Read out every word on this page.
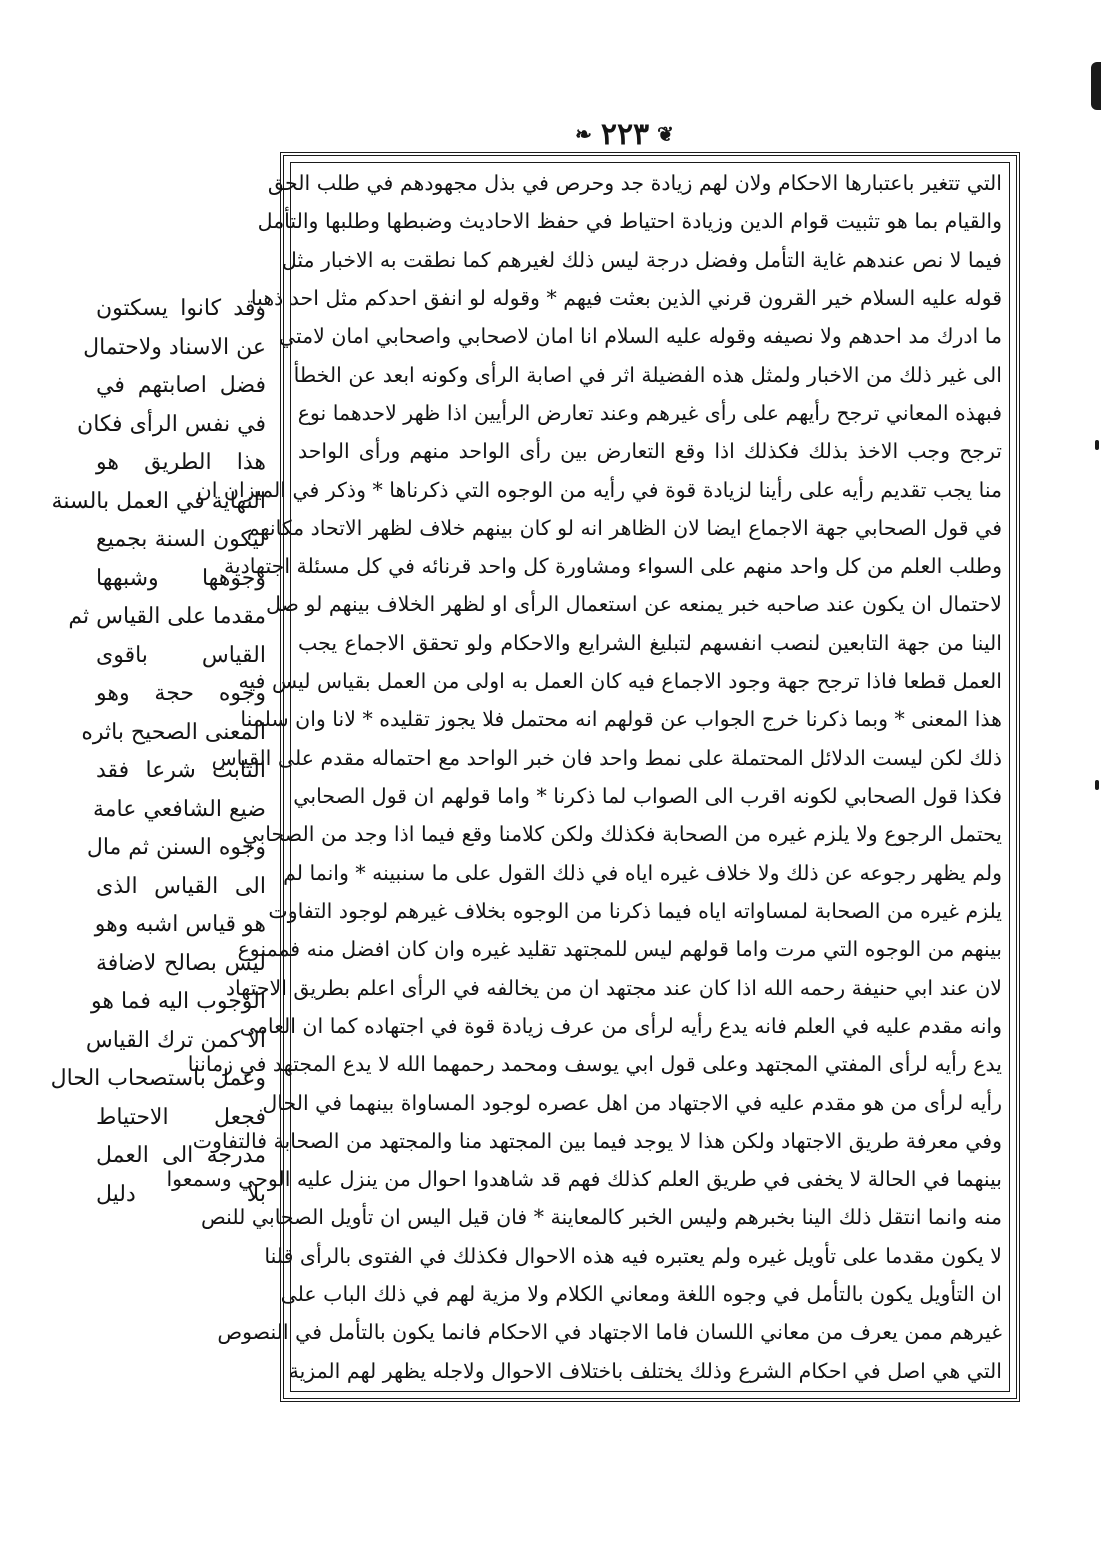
❦
٢٢٣
❧
التي تتغير باعتبارها الاحكام ولان لهم زيادة جد وحرص في بذل مجهودهم في طلب الحق
والقيام بما هو تثبيت قوام الدين وزيادة احتياط في حفظ الاحاديث وضبطها وطلبها والتأمل
فيما لا نص عندهم غاية التأمل وفضل درجة ليس ذلك لغيرهم كما نطقت به الاخبار مثل
قوله عليه السلام خير القرون قرني الذين بعثت فيهم * وقوله لو انفق احدكم مثل احد ذهبا
ما ادرك مد احدهم ولا نصيفه وقوله عليه السلام انا امان لاصحابي واصحابي امان لامتي
الى غير ذلك من الاخبار ولمثل هذه الفضيلة اثر في اصابة الرأى وكونه ابعد عن الخطأ
فبهذه المعاني ترجح رأيهم على رأى غيرهم وعند تعارض الرأيين اذا ظهر لاحدهما نوع
ترجح وجب الاخذ بذلك فكذلك اذا وقع التعارض بين رأى الواحد منهم ورأى الواحد
منا يجب تقديم رأيه على رأينا لزيادة قوة في رأيه من الوجوه التي ذكرناها * وذكر في الميزان ان
في قول الصحابي جهة الاجماع ايضا لان الظاهر انه لو كان بينهم خلاف لظهر الاتحاد مكانهم
وطلب العلم من كل واحد منهم على السواء ومشاورة كل واحد قرنائه في كل مسئلة اجتهادية
لاحتمال ان يكون عند صاحبه خبر يمنعه عن استعمال الرأى او لظهر الخلاف بينهم لو صل
الينا من جهة التابعين لنصب انفسهم لتبليغ الشرايع والاحكام ولو تحقق الاجماع يجب
العمل قطعا فاذا ترجح جهة وجود الاجماع فيه كان العمل به اولى من العمل بقياس ليس فيه
هذا المعنى * وبما ذكرنا خرج الجواب عن قولهم انه محتمل فلا يجوز تقليده * لانا وان سلمنا
ذلك لكن ليست الدلائل المحتملة على نمط واحد فان خبر الواحد مع احتماله مقدم على القياس
فكذا قول الصحابي لكونه اقرب الى الصواب لما ذكرنا * واما قولهم ان قول الصحابي
يحتمل الرجوع ولا يلزم غيره من الصحابة فكذلك ولكن كلامنا وقع فيما اذا وجد من الصحابي
ولم يظهر رجوعه عن ذلك ولا خلاف غيره اياه في ذلك القول على ما سنبينه * وانما لم
يلزم غيره من الصحابة لمساواته اياه فيما ذكرنا من الوجوه بخلاف غيرهم لوجود التفاوت
بينهم من الوجوه التي مرت واما قولهم ليس للمجتهد تقليد غيره وان كان افضل منه فممنوع
لان عند ابي حنيفة رحمه الله اذا كان عند مجتهد ان من يخالفه في الرأى اعلم بطريق الاجتهاد
وانه مقدم عليه في العلم فانه يدع رأيه لرأى من عرف زيادة قوة في اجتهاده كما ان العامى
يدع رأيه لرأى المفتي المجتهد وعلى قول ابي يوسف ومحمد رحمهما الله لا يدع المجتهد في زماننا
رأيه لرأى من هو مقدم عليه في الاجتهاد من اهل عصره لوجود المساواة بينهما في الحال
وفي معرفة طريق الاجتهاد ولكن هذا لا يوجد فيما بين المجتهد منا والمجتهد من الصحابة فالتفاوت
بينهما في الحالة لا يخفى في طريق العلم كذلك فهم قد شاهدوا احوال من ينزل عليه الوحي وسمعوا
منه وانما انتقل ذلك الينا بخبرهم وليس الخبر كالمعاينة * فان قيل اليس ان تأويل الصحابي للنص
لا يكون مقدما على تأويل غيره ولم يعتبره فيه هذه الاحوال فكذلك في الفتوى بالرأى قلنا
ان التأويل يكون بالتأمل في وجوه اللغة ومعاني الكلام ولا مزية لهم في ذلك الباب على
غيرهم ممن يعرف من معاني اللسان فاما الاجتهاد في الاحكام فانما يكون بالتأمل في النصوص
التي هي اصل في احكام الشرع وذلك يختلف باختلاف الاحوال ولاجله يظهر لهم المزية
وقد كانوا يسكتون
عن الاسناد ولاحتمال
فضل اصابتهم في
في نفس الرأى فكان
هذا الطريق هو
النهاية في العمل بالسنة
ليكون السنة بجميع
وجوهها وشبهها
مقدما على القياس ثم
القياس باقوى
وجوه حجة وهو
المعنى الصحيح باثره
الثابت شرعا فقد
ضيع الشافعي عامة
وجوه السنن ثم مال
الى القياس الذى
هو قياس اشبه وهو
ليس بصالح لاضافة
الوجوب اليه فما هو
الا كمن ترك القياس
وعمل باستصحاب الحال
فجعل الاحتياط
مدرجة الى العمل
بلا دليل
